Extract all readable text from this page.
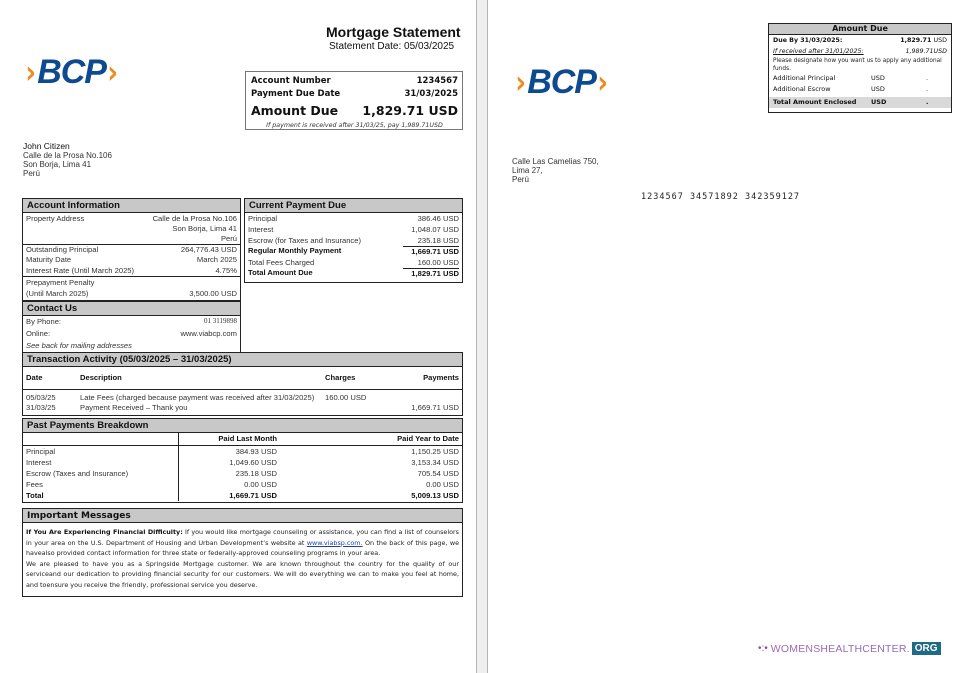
› BCP ›
Mortgage Statement
Statement Date: 05/03/2025
Account Number	1234567
Payment Due Date	31/03/2025
Amount Due 1,829.71 USD
If payment is received after 31/03/25, pay 1,989.71USD
John Citizen
Calle de la Prosa No.106
Son Borja, Lima 41
Perú
Account Information
Property Address	Calle de la Prosa No.106
Son Borja, Lima 41
Perú
Outstanding Principal	264,776.43 USD
Maturity Date	March 2025
Interest Rate (Until March 2025)	4.75%
Prepayment Penalty
(Until March 2025)	3,500.00 USD
Contact Us
By Phone:	01 3119898
Online:	www.viabcp.com
See back for mailing addresses
Current Payment Due
Principal	386.46 USD
Interest	1,048.07 USD
Escrow (for Taxes and Insurance)	235.18 USD
Regular Monthly Payment	1,669.71 USD
Total Fees Charged	160.00 USD
Total Amount Due	1,829.71 USD
Transaction Activity (05/03/2025 – 31/03/2025)
Date	Description	Charges	Payments
05/03/25	Late Fees (charged because payment was received after 31/03/2025)	160.00 USD	
31/03/25	Payment Received – Thank you		1,669.71 USD
Past Payments Breakdown
	Paid Last Month	Paid Year to Date
Principal	384.93 USD	1,150.25 USD
Interest	1,049.60 USD	3,153.34 USD
Escrow (Taxes and Insurance)	235.18 USD	705.54 USD
Fees	0.00 USD	0.00 USD
Total	1,669.71 USD	5,009.13 USD
Important Messages

If You Are Experiencing Financial Difficulty: If you would like mortgage counseling or assistance, you can find a list of counselors in your area on the U.S. Department of Housing and Urban Development’s website at www.viabsp.com. On the back of this page, we havealso provided contact information for three state or federally-approved counseling programs in your area.

We are pleased to have you as a Springside Mortgage customer. We are known throughout the country for the quality of our serviceand our dedication to providing financial security for our customers. We will do everything we can to make you feel at home, and toensure you receive the friendly, professional service you deserve.

Amount Due
Due By 31/03/2025:	1,829.71 USD
If received after 31/01/2025:	1,989.71USD
Please designate how you want us to apply any additional funds.
Additional Principal	USD	.
Additional Escrow	USD	.
Total Amount Enclosed	USD	.
› BCP ›
Calle Las Camelias 750,
Lima 27,
Perú
1234567 34571892 342359127
•:• WOMENSHEALTHCENTER. ORG
